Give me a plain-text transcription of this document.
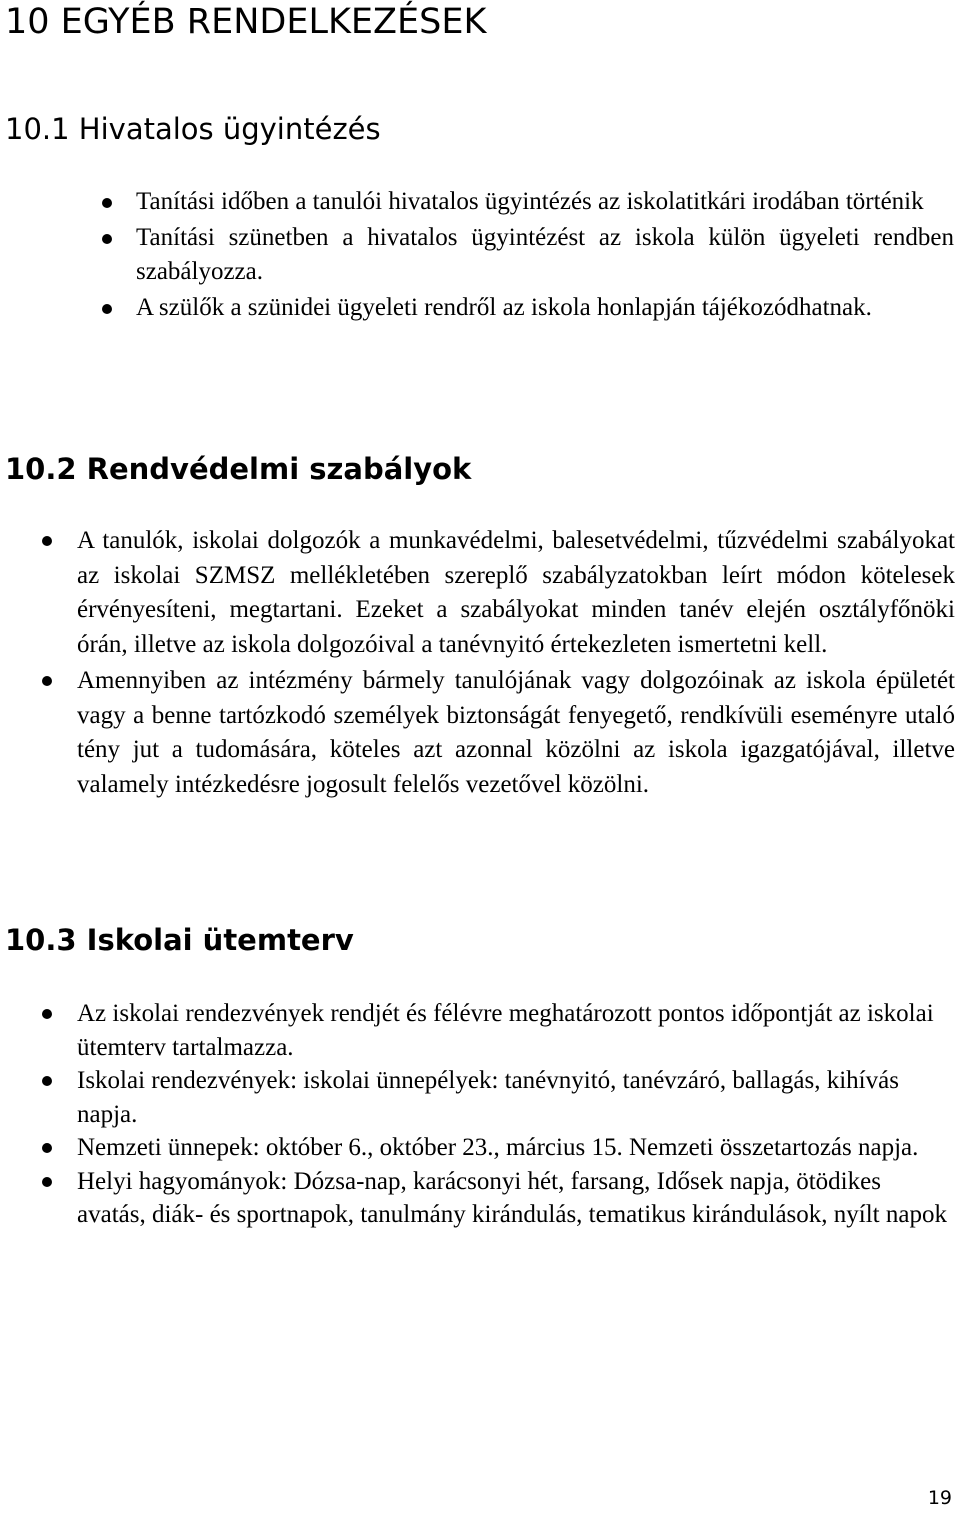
10 EGYÉB RENDELKEZÉSEK
10.1 Hivatalos ügyintézés
Tanítási időben a tanulói hivatalos ügyintézés az iskolatitkári irodában történik
Tanítási szünetben a hivatalos ügyintézést az iskola külön ügyeleti rendben szabályozza.
A szülők a szünidei ügyeleti rendről az iskola honlapján tájékozódhatnak.
10.2 Rendvédelmi szabályok
A tanulók, iskolai dolgozók a munkavédelmi, balesetvédelmi, tűzvédelmi szabályokat az iskolai SZMSZ mellékletében szereplő szabályzatokban leírt módon kötelesek érvényesíteni, megtartani. Ezeket a szabályokat minden tanév elején osztályfőnöki órán, illetve az iskola dolgozóival a tanévnyitó értekezleten ismertetni kell.
Amennyiben az intézmény bármely tanulójának vagy dolgozóinak az iskola épületét vagy a benne tartózkodó személyek biztonságát fenyegető, rendkívüli eseményre utaló tény jut a tudomására, köteles azt azonnal közölni az iskola igazgatójával, illetve valamely intézkedésre jogosult felelős vezetővel közölni.
10.3 Iskolai ütemterv
Az iskolai rendezvények rendjét és félévre meghatározott pontos időpontját az iskolai ütemterv tartalmazza.
Iskolai rendezvények: iskolai ünnepélyek: tanévnyitó, tanévzáró, ballagás, kihívás napja.
Nemzeti ünnepek: október 6., október 23., március 15. Nemzeti összetartozás napja.
Helyi hagyományok: Dózsa-nap, karácsonyi hét, farsang, Idősek napja, ötödikes avatás, diák- és sportnapok, tanulmány kirándulás, tematikus kirándulások, nyílt napok
19
